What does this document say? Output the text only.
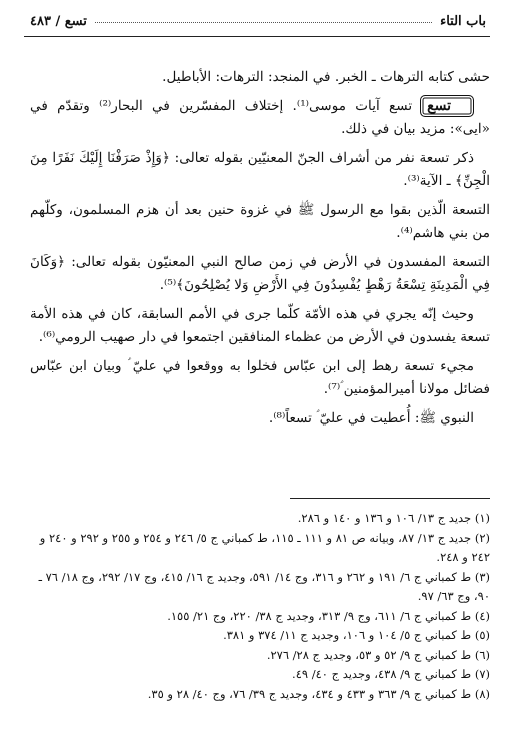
باب التاء
تسع / ٤٨٣

حشى كتابه الترهات ـ الخبر. في المنجد: الترهات: الأباطيل.

تسعتسع آيات موسى⁽¹⁾. إختلاف المفسّرين في البحار⁽²⁾ وتقدّم في «ايى»: مزيد بيان في ذلك.

ذكر تسعة نفر من أشراف الجنّ المعنيّين بقوله تعالى: ﴿وَإِذْ صَرَفْنَا إِلَيْكَ نَفَرًا مِنَ الْجِنِّ﴾ ـ الآية⁽³⁾.

التسعة الّذين بقوا مع الرسول ﷺ في غزوة حنين بعد أن هزم المسلمون، وكلّهم من بني هاشم⁽⁴⁾.

التسعة المفسدون في الأرض في زمن صالح النبي المعنيّون بقوله تعالى: ﴿وَكَانَ فِي الْمَدِينَةِ تِسْعَةُ رَهْطٍ يُفْسِدُونَ فِي الأَرْضِ وَلا يُصْلِحُونَ﴾⁽⁵⁾.

وحيث إنّه يجري في هذه الأمّة كلّما جرى في الأمم السابقة، كان في هذه الأمة تسعة يفسدون في الأرض من عظماء المنافقين اجتمعوا في دار صهيب الرومي⁽⁶⁾.

مجيء تسعة رهط إلى ابن عبّاس فخلوا به ووقعوا في عليّ ؑ وبيان ابن عبّاس فضائل مولانا أميرالمؤمنين ؑ⁽⁷⁾.

النبوي ﷺ: أُعطيت في عليّ ؑ تسعاً⁽⁸⁾.

(١) جديد ج ١٣/ ١٠٦ و ١٣٦ و ١٤٠ و ٢٨٦.

(٢) جديد ج ١٣/ ٨٧، وبيانه ص ٨١ و ١١١ ـ ١١٥، ط كمباني ج ٥/ ٢٤٦ و ٢٥٤ و ٢٥٥ و ٢٩٢ و ٢٤٠ و ٢٤٢ و ٢٤٨.

(٣) ط كمباني ج ٦/ ١٩١ و ٢٦٢ و ٣١٦، وج ١٤/ ٥٩١، وجديد ج ١٦/ ٤١٥، وج ١٧/ ٢٩٢، وج ١٨/ ٧٦ ـ ٩٠، وج ٦٣/ ٩٧.

(٤) ط كمباني ج ٦/ ٦١١، وج ٩/ ٣١٣، وجديد ج ٣٨/ ٢٢٠، وج ٢١/ ١٥٥.

(٥) ط كمباني ج ٥/ ١٠٤ و ١٠٦، وجديد ج ١١/ ٣٧٤ و ٣٨١.

(٦) ط كمباني ج ٩/ ٥٢ و ٥٣، وجديد ج ٢٨/ ٢٧٦.

(٧) ط كمباني ج ٩/ ٤٣٨، وجديد ج ٤٠/ ٤٩.

(٨) ط كمباني ج ٩/ ٣٦٣ و ٤٣٣ و ٤٣٤، وجديد ج ٣٩/ ٧٦، وج ٤٠/ ٢٨ و ٣٥.
